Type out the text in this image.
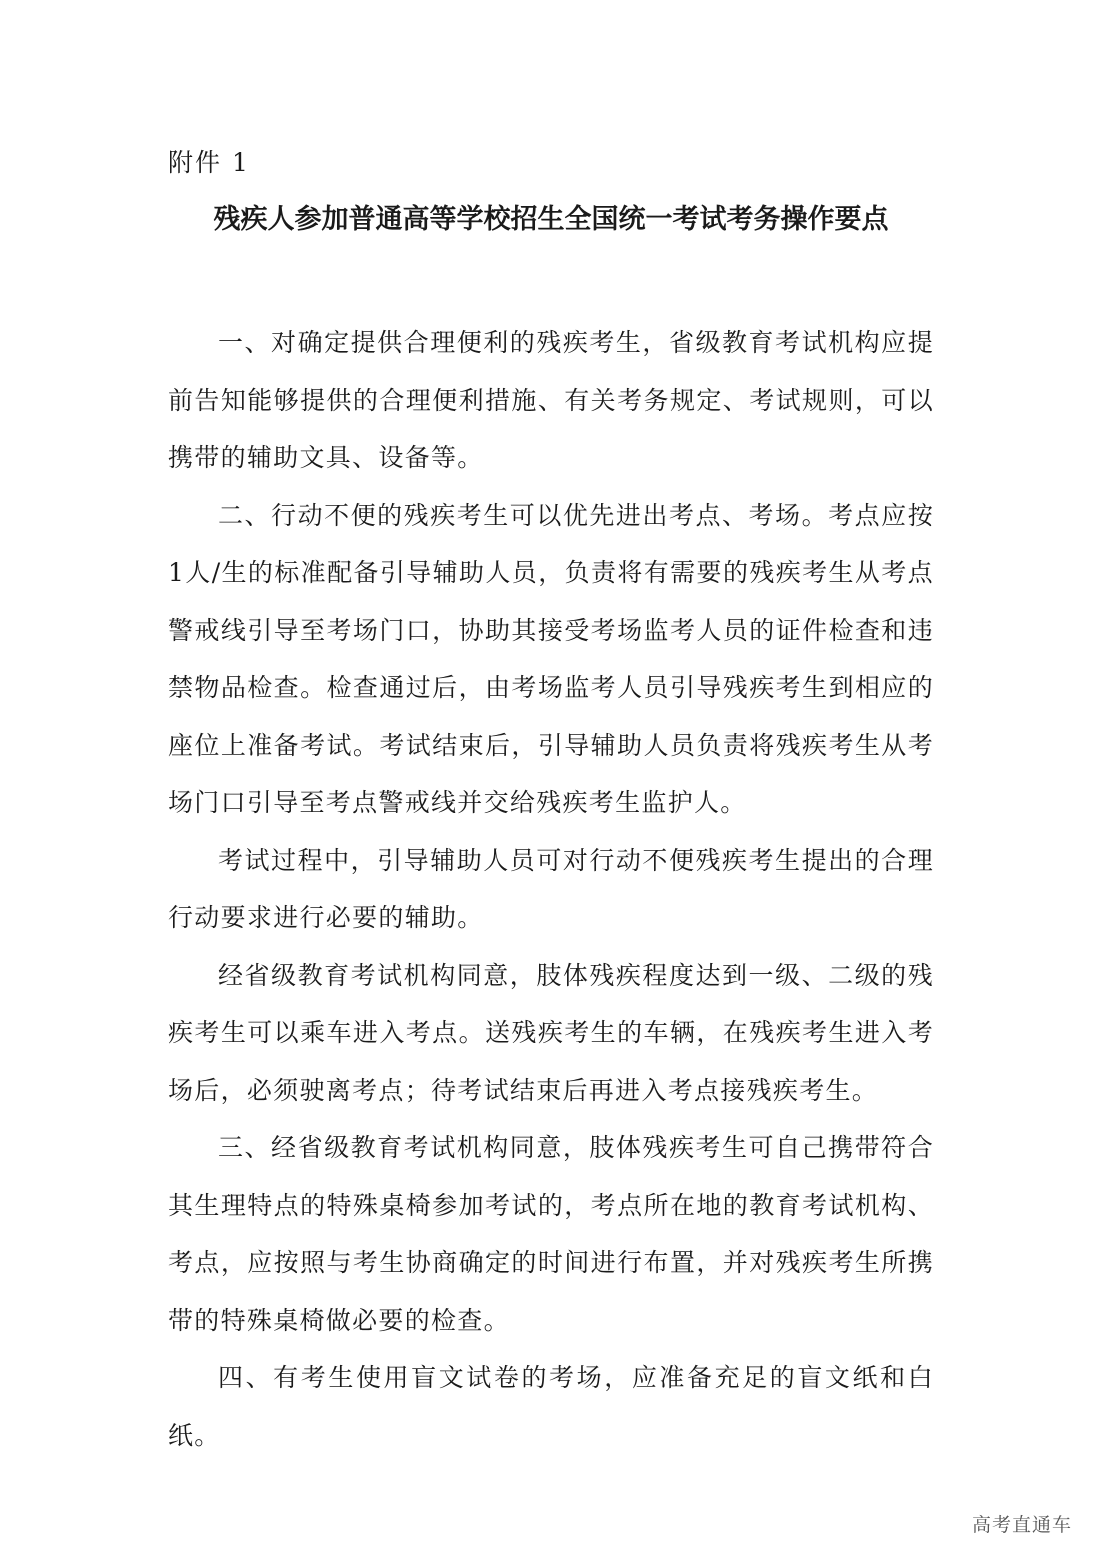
附件 1
残疾人参加普通高等学校招生全国统一考试考务操作要点

一、对确定提供合理便利的残疾考生，省级教育考试机构应提前告知能够提供的合理便利措施、有关考务规定、考试规则，可以携带的辅助文具、设备等。

二、行动不便的残疾考生可以优先进出考点、考场。考点应按 1人/生的标准配备引导辅助人员，负责将有需要的残疾考生从考点警戒线引导至考场门口，协助其接受考场监考人员的证件检查和违禁物品检查。检查通过后，由考场监考人员引导残疾考生到相应的座位上准备考试。考试结束后，引导辅助人员负责将残疾考生从考场门口引导至考点警戒线并交给残疾考生监护人。

考试过程中，引导辅助人员可对行动不便残疾考生提出的合理行动要求进行必要的辅助。

经省级教育考试机构同意，肢体残疾程度达到一级、二级的残疾考生可以乘车进入考点。送残疾考生的车辆，在残疾考生进入考场后，必须驶离考点；待考试结束后再进入考点接残疾考生。

三、经省级教育考试机构同意，肢体残疾考生可自己携带符合其生理特点的特殊桌椅参加考试的，考点所在地的教育考试机构、考点，应按照与考生协商确定的时间进行布置，并对残疾考生所携带的特殊桌椅做必要的检查。

四、有考生使用盲文试卷的考场，应准备充足的盲文纸和白纸。

高考直通车
